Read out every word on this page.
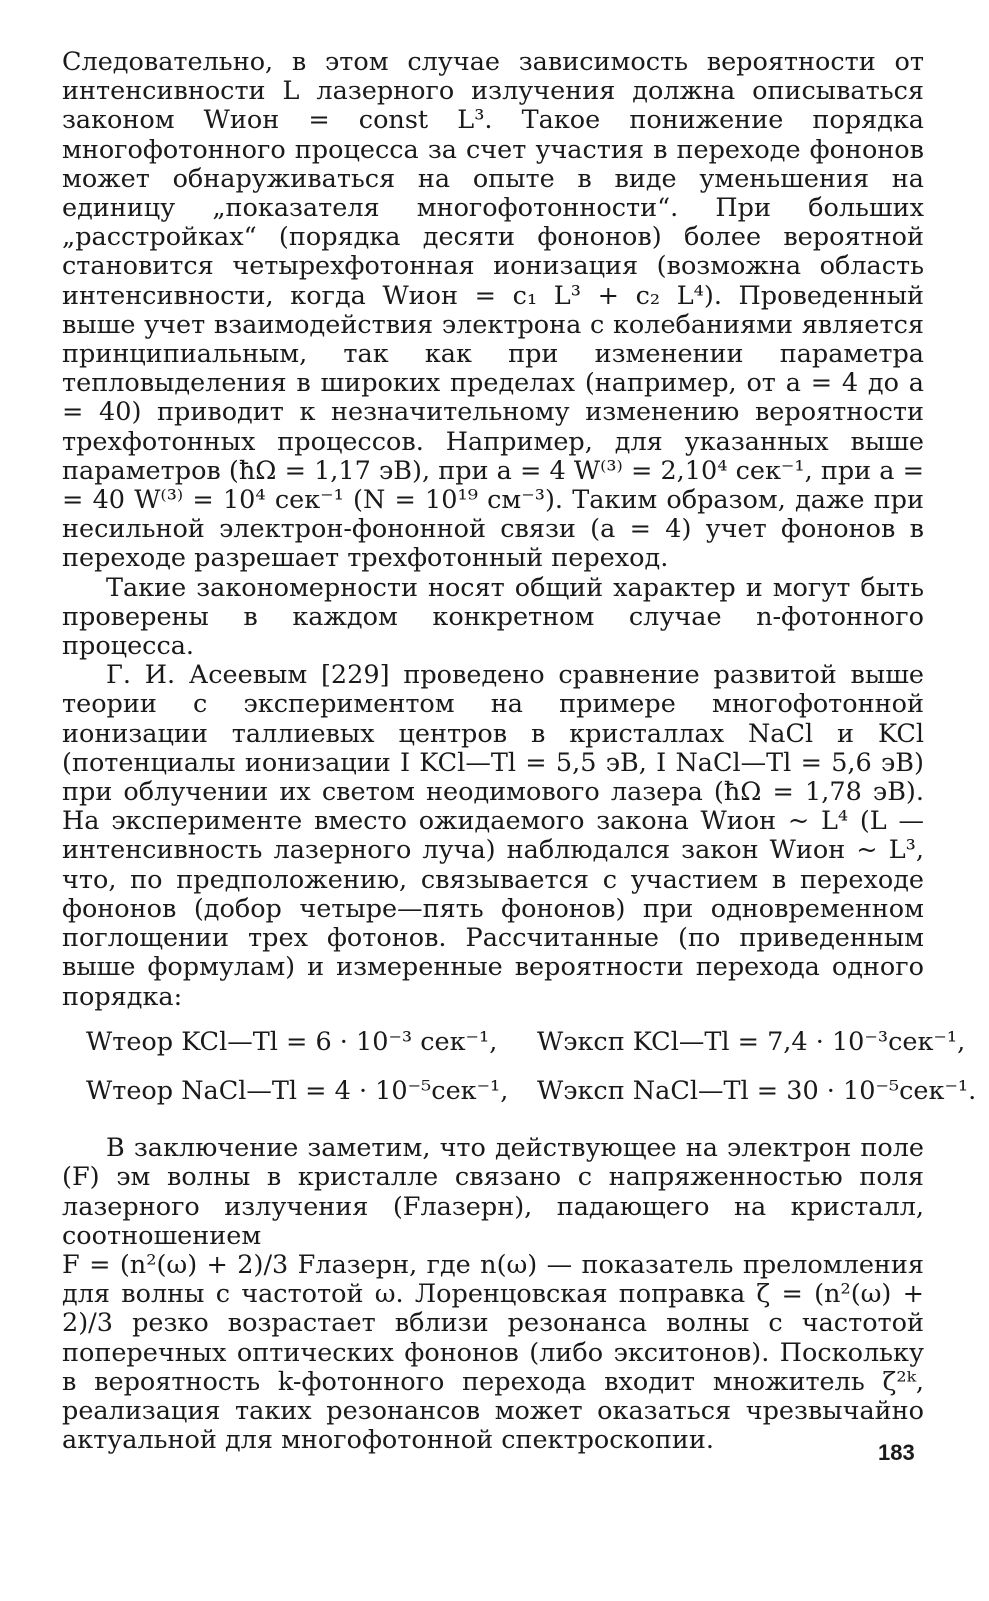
Следовательно, в этом случае зависимость вероятности от интенсивности L лазерного излучения должна описываться законом Wион = const L³. Такое понижение порядка многофотонного процесса за счет участия в переходе фононов может обнаруживаться на опыте в виде уменьшения на единицу „показателя многофотонности“. При больших „расстройках“ (порядка десяти фононов) более вероятной становится четырехфотонная ионизация (возможна область интенсивности, когда Wион = c₁ L³ + c₂ L⁴). Проведенный выше учет взаимодействия электрона с колебаниями является принципиальным, так как при изменении параметра тепловыделения в широких пределах (например, от a = 4 до a = 40) приводит к незначительному изменению вероятности трехфотонных процессов. Например, для указанных выше параметров (ħΩ = 1,17 эВ), при a = 4 W⁽³⁾ = 2,10⁴ сек⁻¹, при a = = 40 W⁽³⁾ = 10⁴ сек⁻¹ (N = 10¹⁹ см⁻³). Таким образом, даже при несильной электрон-фононной связи (a = 4) учет фононов в переходе разрешает трехфотонный переход.

Такие закономерности носят общий характер и могут быть проверены в каждом конкретном случае n-фотонного процесса.

Г. И. Асеевым [229] проведено сравнение развитой выше теории с экспериментом на примере многофотонной ионизации таллиевых центров в кристаллах NaCl и KCl (потенциалы ионизации I KCl—Tl = 5,5 эВ, I NaCl—Tl = 5,6 эВ) при облучении их светом неодимового лазера (ħΩ = 1,78 эВ). На эксперименте вместо ожидаемого закона Wион ~ L⁴ (L — интенсивность лазерного луча) наблюдался закон Wион ~ L³, что, по предположению, связывается с участием в переходе фононов (добор четыре—пять фононов) при одновременном поглощении трех фотонов. Рассчитанные (по приведенным выше формулам) и измеренные вероятности перехода одного порядка:

Wтеор KCl—Tl = 6 · 10⁻³ сек⁻¹,	Wэксп KCl—Tl = 7,4 · 10⁻³сек⁻¹,
Wтеор NaCl—Tl = 4 · 10⁻⁵сек⁻¹,	Wэксп NaCl—Tl = 30 · 10⁻⁵сек⁻¹.

В заключение заметим, что действующее на электрон поле (F) эм волны в кристалле связано с напряженностью поля лазерного излучения (Fлазерн), падающего на кристалл, соотношением

F = (n²(ω) + 2)/3 Fлазерн, где n(ω) — показатель преломления для волны с частотой ω. Лоренцовская поправка ζ = (n²(ω) + 2)/3 резко возрастает вблизи резонанса волны с частотой поперечных оптических фононов (либо экситонов). Поскольку в вероятность k-фотонного перехода входит множитель ζ²ᵏ, реализация таких резонансов может оказаться чрезвычайно актуальной для многофотонной спектроскопии.	183
